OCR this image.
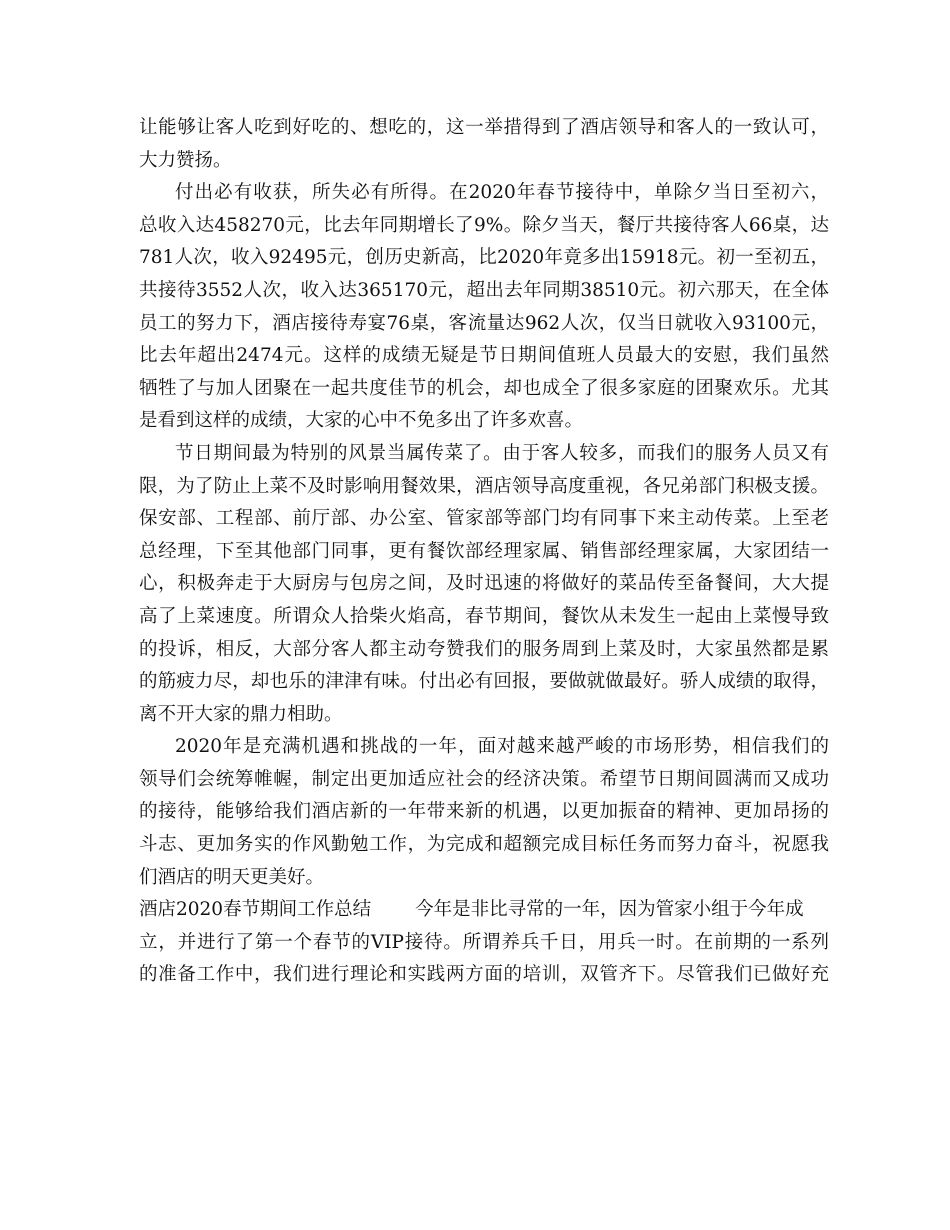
让能够让客人吃到好吃的、想吃的，这一举措得到了酒店领导和客人的一致认可，
大力赞扬。
付出必有收获，所失必有所得。在2020年春节接待中，单除夕当日至初六，
总收入达458270元，比去年同期增长了9%。除夕当天，餐厅共接待客人66桌，达
781人次，收入92495元，创历史新高，比2020年竟多出15918元。初一至初五，
共接待3552人次，收入达365170元，超出去年同期38510元。初六那天，在全体
员工的努力下，酒店接待寿宴76桌，客流量达962人次，仅当日就收入93100元，
比去年超出2474元。这样的成绩无疑是节日期间值班人员最大的安慰，我们虽然
牺牲了与加人团聚在一起共度佳节的机会，却也成全了很多家庭的团聚欢乐。尤其
是看到这样的成绩，大家的心中不免多出了许多欢喜。
节日期间最为特别的风景当属传菜了。由于客人较多，而我们的服务人员又有
限，为了防止上菜不及时影响用餐效果，酒店领导高度重视，各兄弟部门积极支援。
保安部、工程部、前厅部、办公室、管家部等部门均有同事下来主动传菜。上至老
总经理，下至其他部门同事，更有餐饮部经理家属、销售部经理家属，大家团结一
心，积极奔走于大厨房与包房之间，及时迅速的将做好的菜品传至备餐间，大大提
高了上菜速度。所谓众人拾柴火焰高，春节期间，餐饮从未发生一起由上菜慢导致
的投诉，相反，大部分客人都主动夸赞我们的服务周到上菜及时，大家虽然都是累
的筋疲力尽，却也乐的津津有味。付出必有回报，要做就做最好。骄人成绩的取得，
离不开大家的鼎力相助。
2020年是充满机遇和挑战的一年，面对越来越严峻的市场形势，相信我们的
领导们会统筹帷幄，制定出更加适应社会的经济决策。希望节日期间圆满而又成功
的接待，能够给我们酒店新的一年带来新的机遇，以更加振奋的精神、更加昂扬的
斗志、更加务实的作风勤勉工作，为完成和超额完成目标任务而努力奋斗，祝愿我
们酒店的明天更美好。
酒店2020春节期间工作总结 今年是非比寻常的一年，因为管家小组于今年成
立，并进行了第一个春节的VIP接待。所谓养兵千日，用兵一时。在前期的一系列
的准备工作中，我们进行理论和实践两方面的培训，双管齐下。尽管我们已做好充
